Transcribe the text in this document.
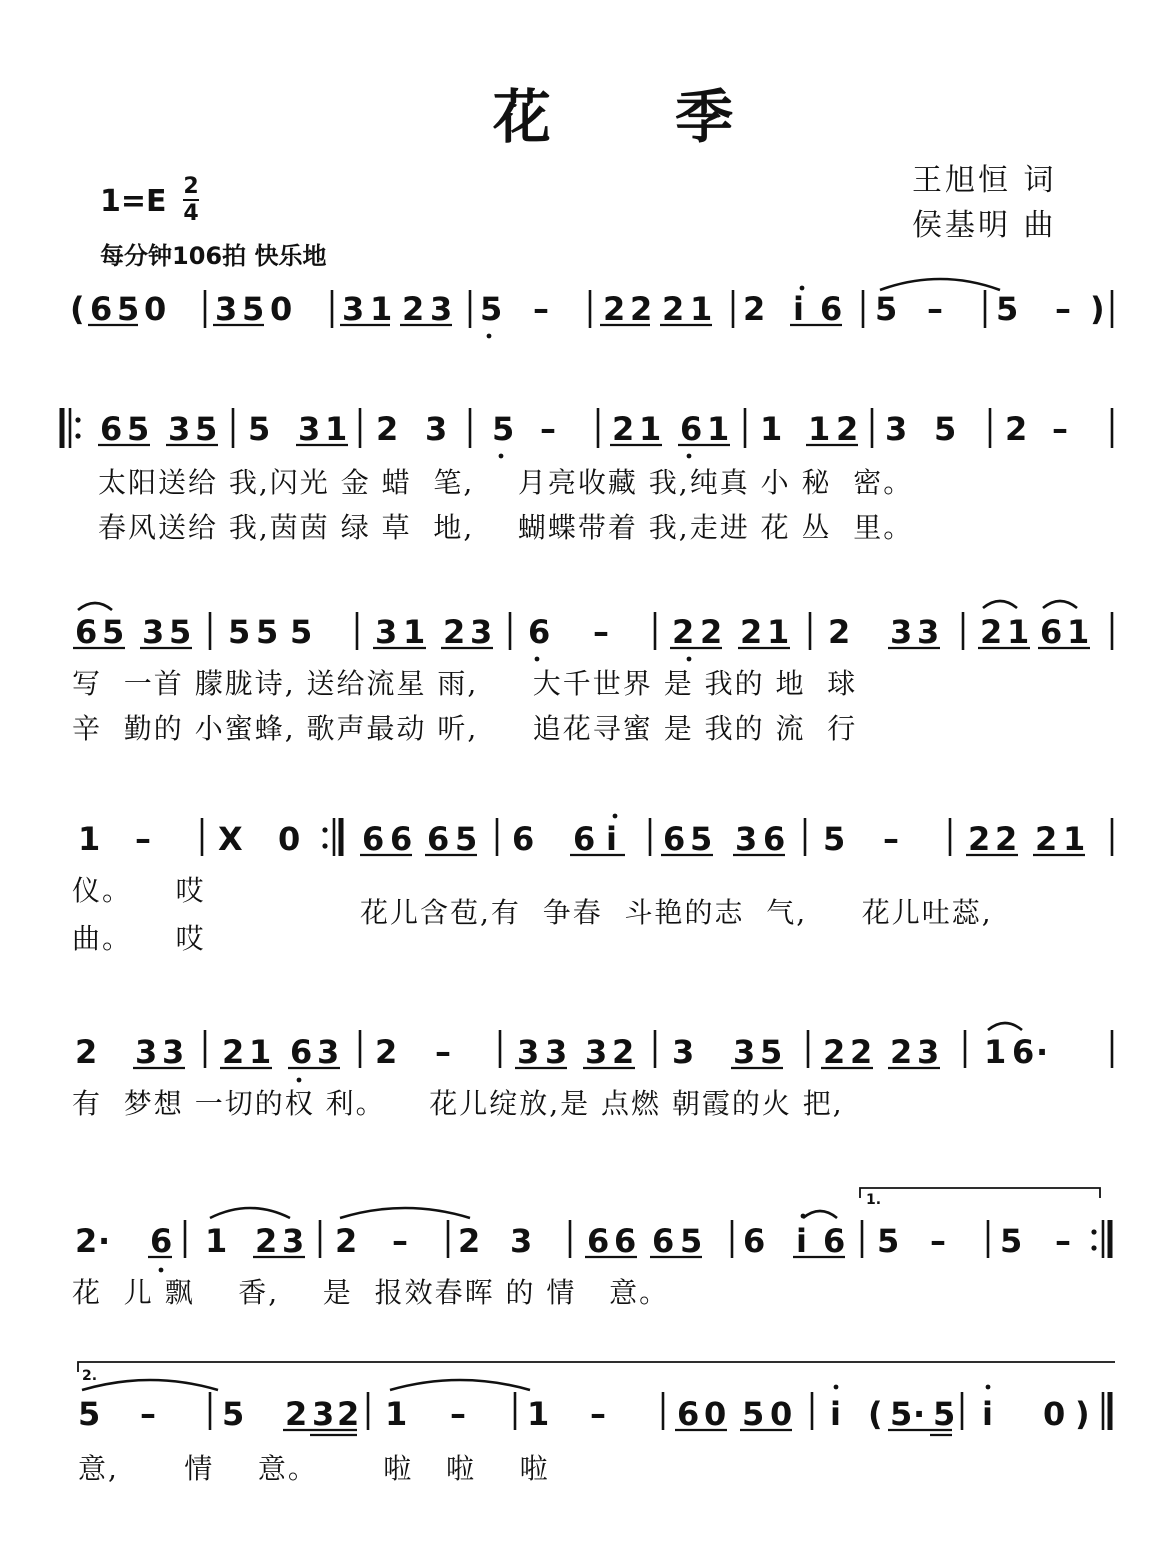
花 季
王旭恒 词
侯基明 曲
1=E 2
4
每分钟106拍 快乐地
( 6 5 0 3 5 0 3 1 2 3 5 – 2 2 2 1 2 i 6 5 – 5 – )
6 5 3 5 5 3 1 2 3 5 – 2 1 6 1 1 1 2 3 5 2 –
6 5 3 5 5 5 5 3 1 2 3 6 – 2 2 2 1 2 3 3 2 1 6 1
1 – X 0 6 6 6 5 6 6 i 6 5 3 6 5 – 2 2 2 1
2 3 3 2 1 6 3 2 – 3 3 3 2 3 3 5 2 2 2 3 1 6 ·
2 · 6 1 2 3 2 – 2 3 6 6 6 5 6 i 6 5 – 5 –
1.
5 – 5 2 3 2 1 – 1 – 6 0 5 0 i ( 5 · 5 i 0 )
2.
太阳送给 我,闪光 金 蜡  笔,    月亮收藏 我,纯真 小 秘  密。
春风送给 我,茵茵 绿 草  地,    蝴蝶带着 我,走进 花 丛  里。
写  一首 朦胧诗, 送给流星 雨,     大千世界 是 我的 地  球
辛  勤的 小蜜蜂, 歌声最动 听,     追花寻蜜 是 我的 流  行
仪。    哎
花儿含苞,有  争春  斗艳的志  气,     花儿吐蕊,
曲。    哎
有  梦想 一切的权 利。    花儿绽放,是 点燃 朝霞的火 把,
花  儿 飘    香,    是  报效春晖 的 情   意。
意,      情    意。      啦   啦    啦
